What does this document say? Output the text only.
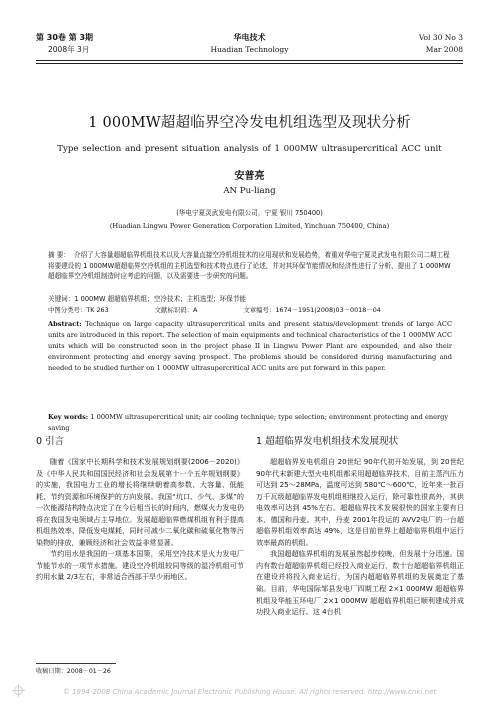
第 30卷 第 3期
2008年 3月
华电技术
Huadian Technology
Vol 30 No 3
Mar 2008
1 000MW超超临界空冷发电机组选型及现状分析
Type selection and present situation analysis of 1 000MW ultrasupercritical ACC unit
安普亮
AN Pu-liang
(华电宁夏灵武发电有限公司，宁夏 银川 750400)
(Huadian Lingwu Power Generation Corporation Limited, Yinchuan 750400, China)
摘 要： 介绍了大容量超超临界机组技术以及大容量直接空冷机组技术的应用现状和发展趋势，着重对华电宁夏灵武发电有限公司二期工程将要建设的 1 000MW超超临界空冷机组的主机选型和技术特点进行了论述，并对其环保节能情况和经济性进行了分析，提出了 1 000MW超超临界空冷机组制造时应考虑的问题，以及需要进一步研究的问题。
关键词：1 000MW 超超临界机组；空冷技术；主机选型；环保节能
中图分类号：TK 263	文献标识码：A	文章编号：1674－1951(2008)03－0018－04
Abstract: Technique on large capacity ultrasupercritical units and present status/development trends of large ACC units are introduced in this report. The selection of main equipments and technical characteristics of the 1 000MW ACC units which will be constructed soon in the project phase II in Lingwu Power Plant are expounded, and also their environment protecting and energy saving prospect. The problems should be considered during manufacturing and needed to be studied further on 1 000MW ultrasupercritical ACC units are put forward in this paper.
Key words: 1 000MW ultrasupercritical unit; air cooling technique; type selection; environment protecting and energy saving
0 引言	1 超超临界发电机组技术发展现状

随着《国家中长期科学和技术发展规划纲要(2006－2020)》及《中华人民共和国国民经济和社会发展第十一个五年规划纲要》的实施，我国电力工业的增长将继续朝着高参数、大容量、低能耗、节约资源和环境保护的方向发展。我国“坑口、少气、多煤”的一次能源结构特点决定了在今后相当长的时间内，燃煤火力发电仍将在我国发电领域占主导地位。发展超超临界燃煤机组有利于提高机组热效率、降低发电煤耗，同时可减少二氧化碳和硫氧化物等污染物的排放，兼顾经济和社会效益非常显著。

节约用水是我国的一项基本国策，采用空冷技术是火力发电厂节能节水的一项节水措施。建设空冷机组较同等级的湿冷机组可节约用水量 2/3左右，非常适合西部干旱少雨地区。

超超临界发电机组自 20世纪 90年代初开始发展，到 20世纪 90年代末新建大型火电机组都采用超超临界技术，目前主蒸汽压力可达到 25～28MPa，温度可达到 580℃～600℃，近年来一批百万千瓦级超超临界发电机组相继投入运行，除可靠性很高外，其供电效率可达到 45%左右。超超临界技术发展很快的国家主要有日本、德国和丹麦。其中，丹麦 2001年投运的 AVV2电厂的一台超超临界机组效率高达 49%，这是目前世界上超超临界机组中运行效率最高的机组。

我国超超临界机组的发展虽然起步较晚，但发展十分迅速。国内有数台超超临界机组已经投入商业运行，数十台超超临界机组正在建设并将投入商业运行，为国内超超临界机组的发展奠定了基础。目前，华电国际邹县发电厂四期工程 2×1 000MW 超超临界机组及华能玉环电厂 2×1 000MW 超超临界机组已顺利建成并成功投入商业运行。这 4台机

收稿日期：2008－01－26
© 1994-2008 China Academic Journal Electronic Publishing House. All rights reserved. http://www.cnki.net
